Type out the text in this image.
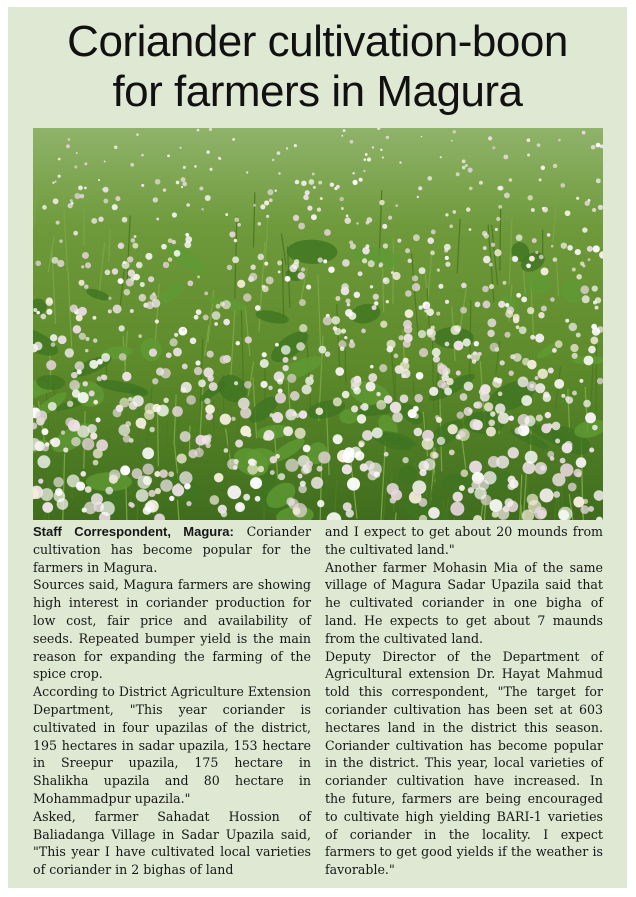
Coriander cultivation-boon
for farmers in Magura

Staff Correspondent, Magura: Coriander cultivation has become popular for the farmers in Magura.

Sources said, Magura farmers are showing high interest in coriander production for low cost, fair price and availability of seeds. Repeated bumper yield is the main reason for expanding the farming of the spice crop.

According to District Agriculture Extension Department, "This year coriander is cultivated in four upazilas of the district, 195 hectares in sadar upazila, 153 hectare in Sreepur upazila, 175 hectare in Shalikha upazila and 80 hectare in Mohammadpur upazila."

Asked, farmer Sahadat Hossion of Baliadanga Village in Sadar Upazila said, "This year I have cultivated local varieties of coriander in 2 bighas of land

and I expect to get about 20 mounds from the cultivated land."

Another farmer Mohasin Mia of the same village of Magura Sadar Upazila said that he cultivated coriander in one bigha of land. He expects to get about 7 maunds from the cultivated land.

Deputy Director of the Department of Agricultural extension Dr. Hayat Mahmud told this correspondent, "The target for coriander cultivation has been set at 603 hectares land in the district this season. Coriander cultivation has become popular in the district. This year, local varieties of coriander cultivation have increased. In the future, farmers are being encouraged to cultivate high yielding BARI-1 varieties of coriander in the locality. I expect farmers to get good yields if the weather is favorable."
